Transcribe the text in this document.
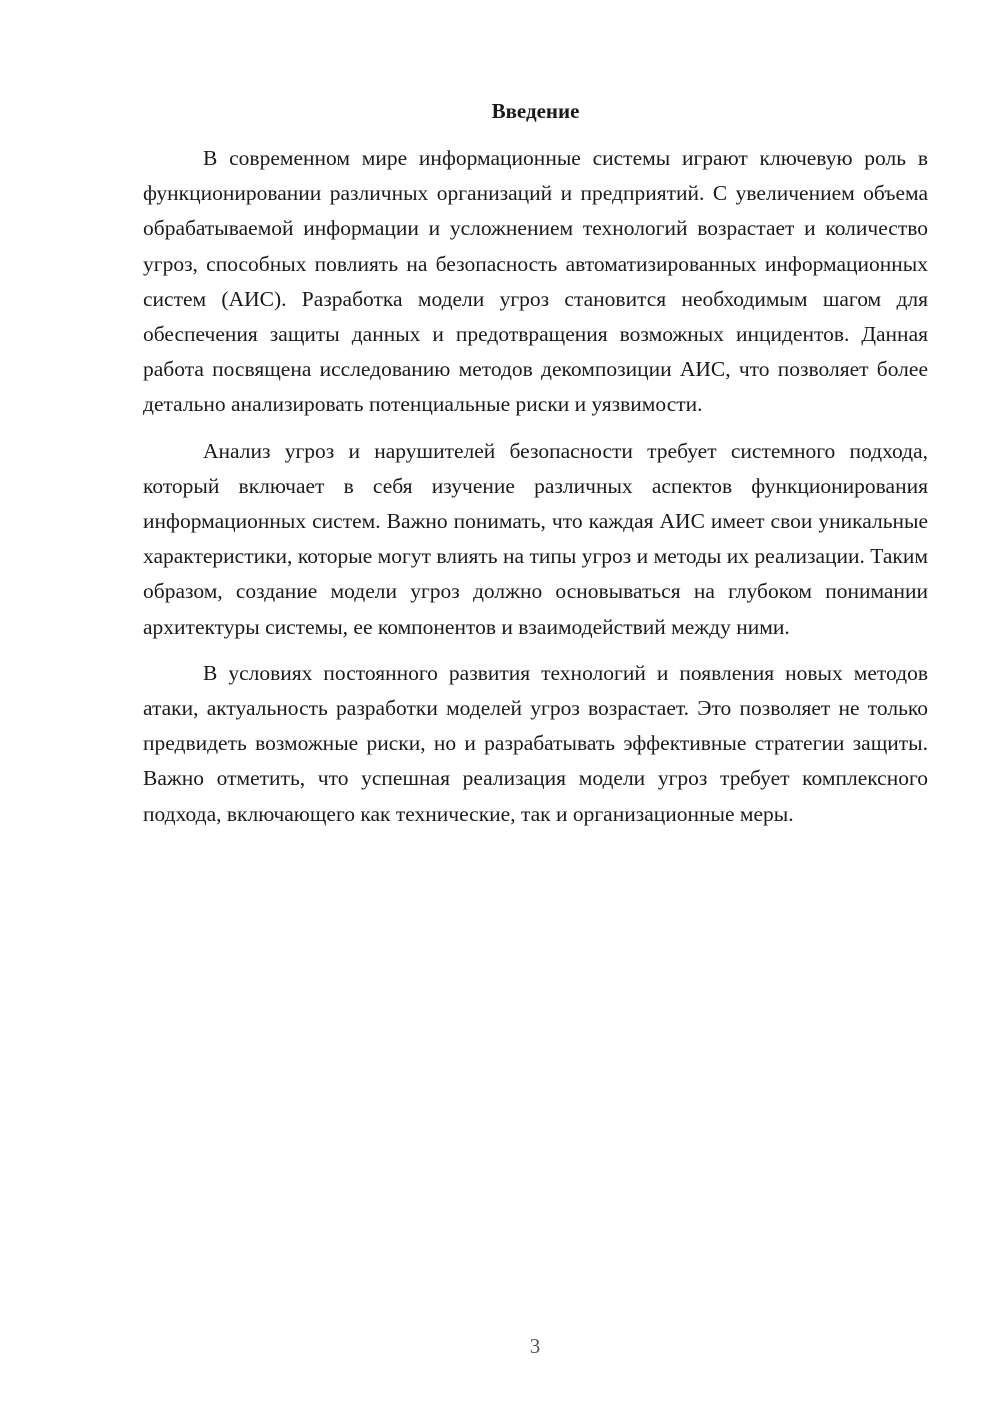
Введение

В современном мире информационные системы играют ключевую роль в функционировании различных организаций и предприятий. С увеличением объема обрабатываемой информации и усложнением технологий возрастает и количество угроз, способных повлиять на безопасность автоматизированных информационных систем (АИС). Разработка модели угроз становится необходимым шагом для обеспечения защиты данных и предотвращения возможных инцидентов. Данная работа посвящена исследованию методов декомпозиции АИС, что позволяет более детально анализировать потенциальные риски и уязвимости.

Анализ угроз и нарушителей безопасности требует системного подхода, который включает в себя изучение различных аспектов функционирования информационных систем. Важно понимать, что каждая АИС имеет свои уникальные характеристики, которые могут влиять на типы угроз и методы их реализации. Таким образом, создание модели угроз должно основываться на глубоком понимании архитектуры системы, ее компонентов и взаимодействий между ними.

В условиях постоянного развития технологий и появления новых методов атаки, актуальность разработки моделей угроз возрастает. Это позволяет не только предвидеть возможные риски, но и разрабатывать эффективные стратегии защиты. Важно отметить, что успешная реализация модели угроз требует комплексного подхода, включающего как технические, так и организационные меры.

3
